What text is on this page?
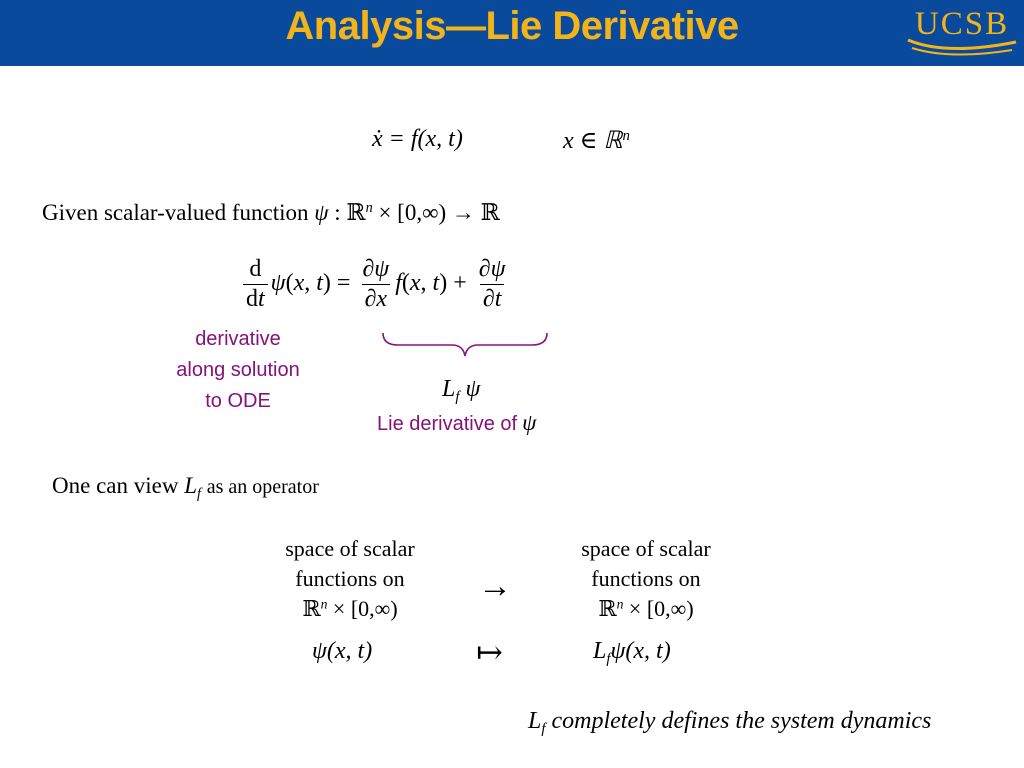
Analysis—Lie Derivative	UCSB
ẋ = f(x, t)	x ∈ ℝ$^n$
Given scalar-valued function ψ : ℝ$^n$ × [0,∞) → ℝ
$\frac{d}{dt} \psi(x$, $t) = \frac{\partial\psi}{\partial x} f(x$, $t) + \frac{\partial\psi}{\partial t}$
derivative
along solution
to ODE	$L_f$ ψ
Lie derivative of ψ
One can view $L_f$ as an operator
space of scalar
functions on
ℝ$^n$ × [0,∞)
→
space of scalar
functions on
ℝ$^n$ × [0,∞)
ψ(x, t)	↦	$L_f\psi(x$, t)
$L_f$ completely defines the system dynamics
